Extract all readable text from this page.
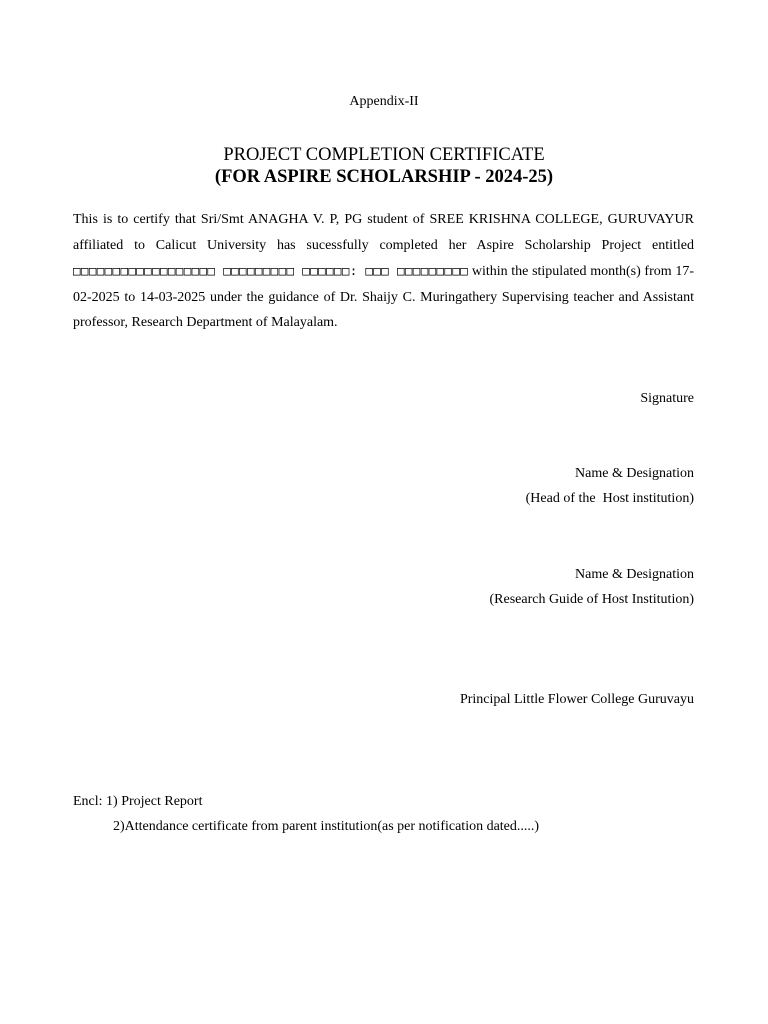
Appendix-II
PROJECT COMPLETION CERTIFICATE
(FOR ASPIRE SCHOLARSHIP - 2024-25)
This is to certify that Sri/Smt ANAGHA V. P, PG student of SREE KRISHNA COLLEGE, GURUVAYUR affiliated to Calicut University has sucessfully completed her Aspire Scholarship Project entitled □□□□□□□□□□□□□□□□□□ □□□□□□□□□ □□□□□□: □□□ □□□□□□□□□ within the stipulated month(s) from 17-02-2025 to 14-03-2025 under the guidance of Dr. Shaijy C. Muringathery Supervising teacher and Assistant professor, Research Department of Malayalam.
Signature
Name & Designation
(Head of the  Host institution)
Name & Designation
(Research Guide of Host Institution)
Principal Little Flower College Guruvayu
Encl: 1) Project Report
2)Attendance certificate from parent institution(as per notification dated.....)
